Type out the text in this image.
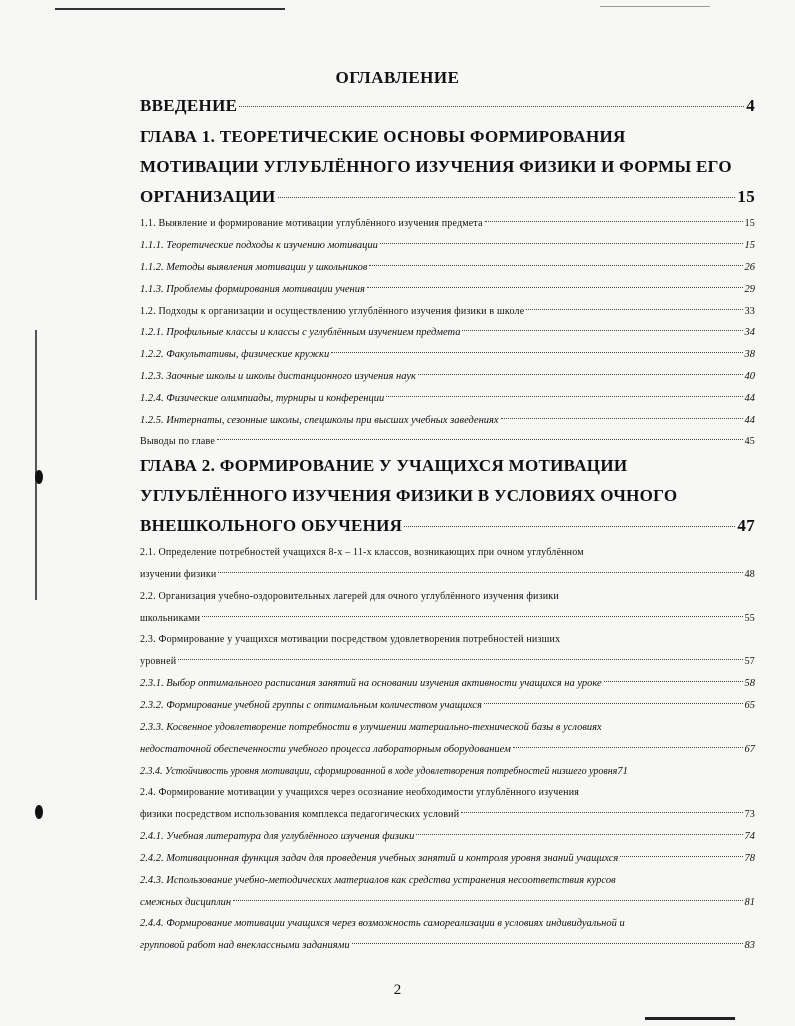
ОГЛАВЛЕНИЕ
ВВЕДЕНИЕ	4
ГЛАВА 1. ТЕОРЕТИЧЕСКИЕ ОСНОВЫ ФОРМИРОВАНИЯ
МОТИВАЦИИ УГЛУБЛЁННОГО ИЗУЧЕНИЯ ФИЗИКИ И ФОРМЫ ЕГО
ОРГАНИЗАЦИИ	15
1.1. Выявление и формирование мотивации углублённого изучения предмета	15
1.1.1. Теоретические подходы к изучению мотивации	15
1.1.2. Методы выявления мотивации у школьников	26
1.1.3. Проблемы формирования мотивации учения	29
1.2. Подходы к организации и осуществлению углублённого изучения физики в школе	33
1.2.1. Профильные классы и классы с углублённым изучением предмета	34
1.2.2. Факультативы, физические кружки	38
1.2.3. Заочные школы и школы дистанционного изучения наук	40
1.2.4. Физические олимпиады, турниры и конференции	44
1.2.5. Интернаты, сезонные школы, спецшколы при высших учебных заведениях	44
Выводы по главе	45
ГЛАВА 2. ФОРМИРОВАНИЕ У УЧАЩИХСЯ МОТИВАЦИИ
УГЛУБЛЁННОГО ИЗУЧЕНИЯ ФИЗИКИ В УСЛОВИЯХ ОЧНОГО
ВНЕШКОЛЬНОГО ОБУЧЕНИЯ	47
2.1. Определение потребностей учащихся 8-х – 11-х классов, возникающих при очном углублённом
изучении физики	48
2.2. Организация учебно-оздоровительных лагерей для очного углублённого изучения физики
школьниками	55
2.3. Формирование у учащихся мотивации посредством удовлетворения потребностей низших
уровней	57
2.3.1. Выбор оптимального расписания занятий на основании изучения активности учащихся на уроке	58
2.3.2. Формирование учебной группы с оптимальным количеством учащихся	65
2.3.3. Косвенное удовлетворение потребности в улучшении материально-технической базы в условиях
недостаточной обеспеченности учебного процесса лабораторным оборудованием	67
2.3.4. Устойчивость уровня мотивации, сформированной в ходе удовлетворения потребностей низшего уровня 71
2.4. Формирование мотивации у учащихся через осознание необходимости углублённого изучения
физики посредством использования комплекса педагогических условий	73
2.4.1. Учебная литература для углублённого изучения физики	74
2.4.2. Мотивационная функция задач для проведения учебных занятий и контроля уровня знаний учащихся	78
2.4.3. Использование учебно-методических материалов как средства устранения несоответствия курсов
смежных дисциплин	81
2.4.4. Формирование мотивации учащихся через возможность самореализации в условиях индивидуальной и
групповой работ над внеклассными заданиями	83
2
